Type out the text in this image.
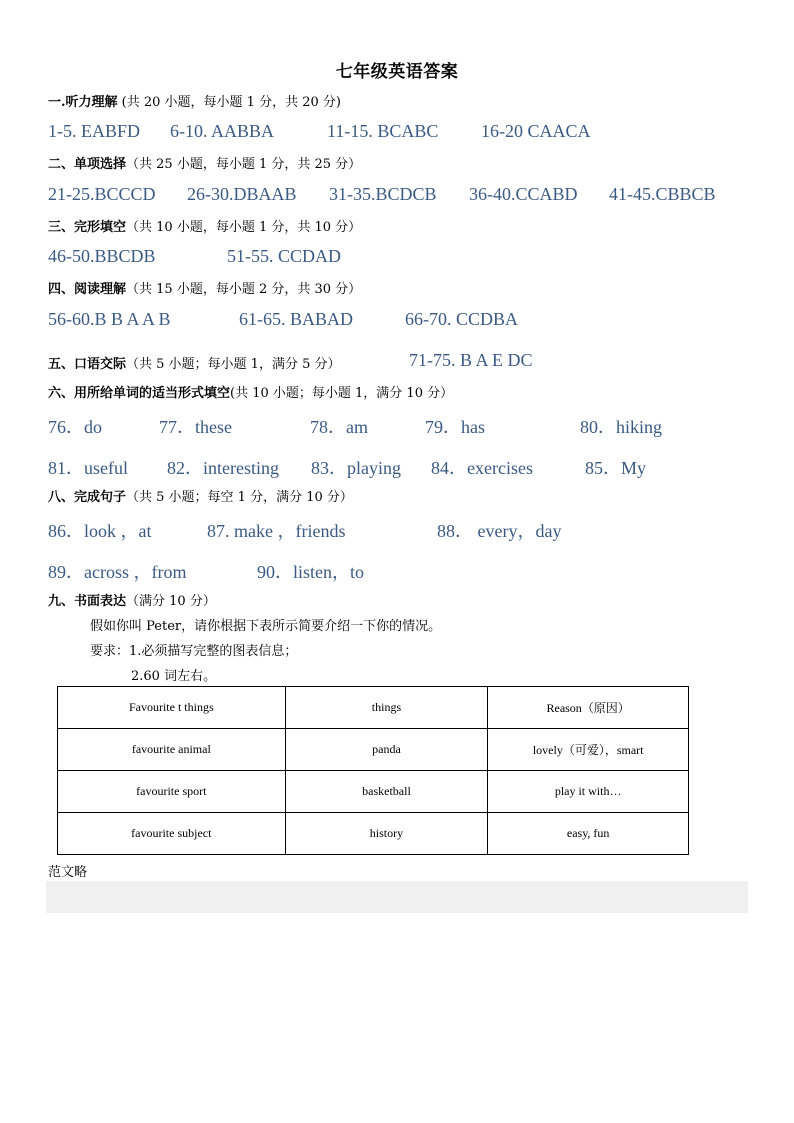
七年级英语答案
一.听力理解 (共 20 小题，每小题 1 分，共 20 分)
1-5. EABFD 6-10. AABBA	11-15. BCABC 16-20 CAACA
二、单项选择（共 25 小题，每小题 1 分，共 25 分）
21-25.BCCCD 26-30.DBAAB 31-35.BCDCB 36-40.CCABD 41-45.CBBCB
三、完形填空（共 10 小题，每小题 1 分，共 10 分）
46-50.BBCDB	51-55. CCDAD
四、阅读理解（共 15 小题，每小题 2 分，共 30 分）
56-60.B B A A B	61-65. BABAD	66-70. CCDBA
五、口语交际（共 5 小题；每小题 1，满分 5 分）	71-75. B A E DC
六、用所给单词的适当形式填空(共 10 小题；每小题 1，满分 10 分）
76．do	77．these	78．am	79．has	80．hiking
81．useful 82．interesting 83．playing 84．exercises	85．My
八、完成句子（共 5 小题；每空 1 分，满分 10 分）
86．look ，at	87. make ，friends	88． every，day
89．across ，from	90．listen，to
九、书面表达（满分 10 分）
假如你叫 Peter，请你根据下表所示简要介绍一下你的情况。
要求：1.必须描写完整的图表信息；
2.60 词左右。
Favourite t things	things	Reason（原因）
favourite animal	panda	lovely（可爱），smart
favourite sport	basketball	play it with…
favourite subject	history	easy, fun
范文略
